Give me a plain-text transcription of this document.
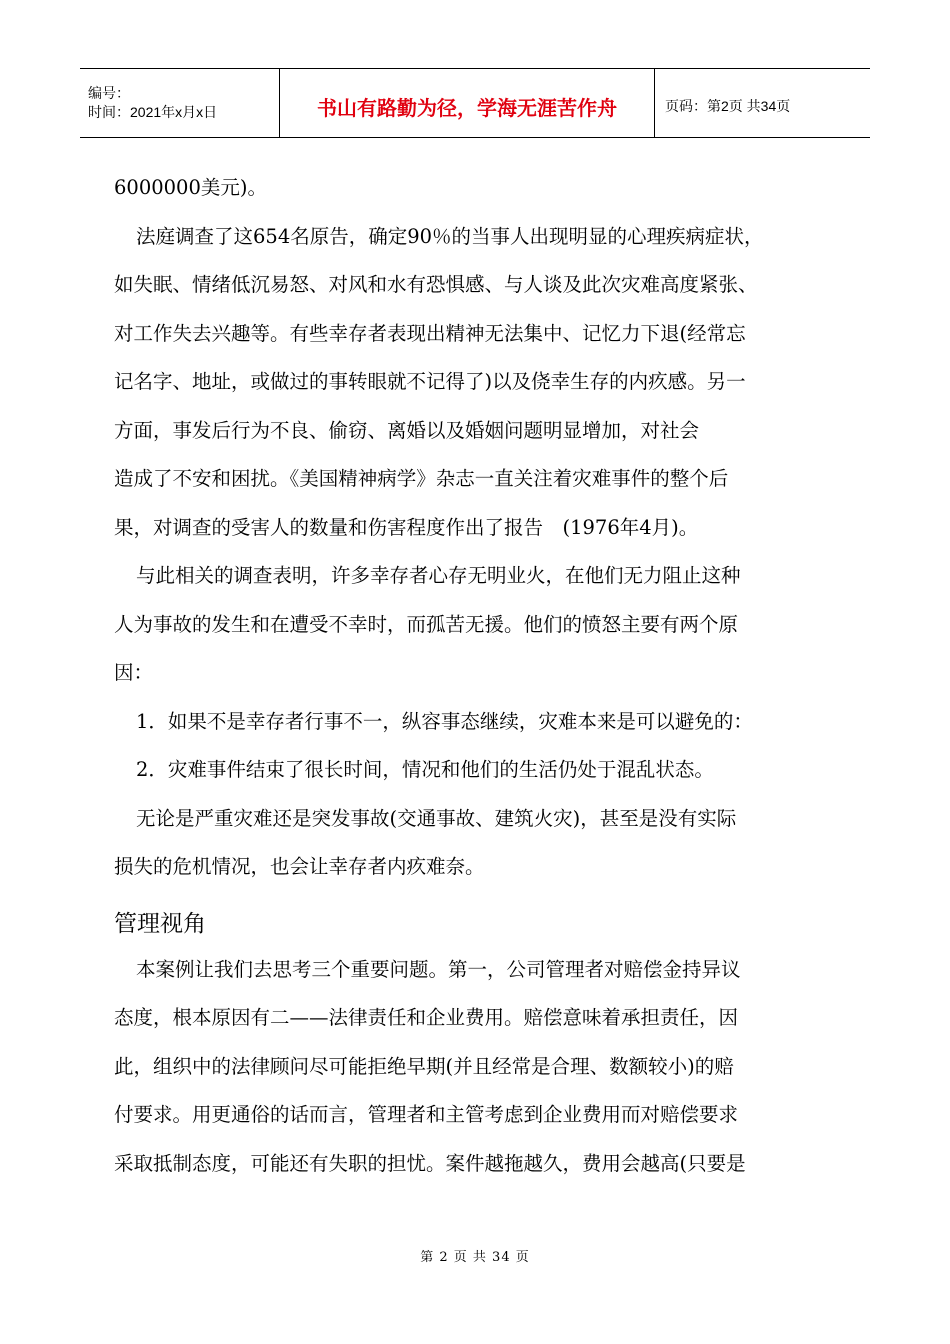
编号：
时间：2021年x月x日	书山有路勤为径，学海无涯苦作舟	页码：第2页 共34页

6000000美元)。

法庭调查了这654名原告，确定90％的当事人出现明显的心理疾病症状，
如失眠、情绪低沉易怒、对风和水有恐惧感、与人谈及此次灾难高度紧张、
对工作失去兴趣等。有些幸存者表现出精神无法集中、记忆力下退(经常忘
记名字、地址，或做过的事转眼就不记得了)以及侥幸生存的内疚感。另一
方面，事发后行为不良、偷窃、离婚以及婚姻问题明显增加，对社会
造成了不安和困扰。《美国精神病学》杂志一直关注着灾难事件的整个后
果，对调查的受害人的数量和伤害程度作出了报告　(1976年4月)。

与此相关的调查表明，许多幸存者心存无明业火，在他们无力阻止这种
人为事故的发生和在遭受不幸时，而孤苦无援。他们的愤怒主要有两个原
因：

1．如果不是幸存者行事不一，纵容事态继续，灾难本来是可以避免的：

2．灾难事件结束了很长时间，情况和他们的生活仍处于混乱状态。

无论是严重灾难还是突发事故(交通事故、建筑火灾)，甚至是没有实际
损失的危机情况，也会让幸存者内疚难奈。

管理视角

本案例让我们去思考三个重要问题。第一，公司管理者对赔偿金持异议
态度，根本原因有二——法律责任和企业费用。赔偿意味着承担责任，因
此，组织中的法律顾问尽可能拒绝早期(并且经常是合理、数额较小)的赔
付要求。用更通俗的话而言，管理者和主管考虑到企业费用而对赔偿要求
采取抵制态度，可能还有失职的担忧。案件越拖越久，费用会越高(只要是

第 2 页 共 34 页
